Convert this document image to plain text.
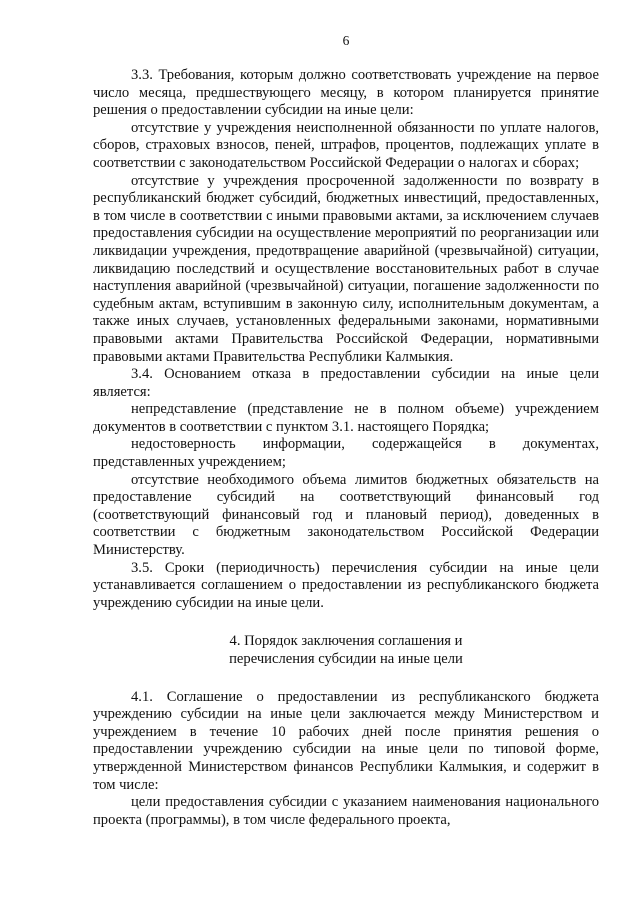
6

3.3. Требования, которым должно соответствовать учреждение на первое число месяца, предшествующего месяцу, в котором планируется принятие решения о предоставлении субсидии на иные цели:

отсутствие у учреждения неисполненной обязанности по уплате налогов, сборов, страховых взносов, пеней, штрафов, процентов, подлежащих уплате в соответствии с законодательством Российской Федерации о налогах и сборах;

отсутствие у учреждения просроченной задолженности по возврату в республиканский бюджет субсидий, бюджетных инвестиций, предоставленных, в том числе в соответствии с иными правовыми актами, за исключением случаев предоставления субсидии на осуществление мероприятий по реорганизации или ликвидации учреждения, предотвращение аварийной (чрезвычайной) ситуации, ликвидацию последствий и осуществление восстановительных работ в случае наступления аварийной (чрезвычайной) ситуации, погашение задолженности по судебным актам, вступившим в законную силу, исполнительным документам, а также иных случаев, установленных федеральными законами, нормативными правовыми актами Правительства Российской Федерации, нормативными правовыми актами Правительства Республики Калмыкия.

3.4. Основанием отказа в предоставлении субсидии на иные цели является:

непредставление (представление не в полном объеме) учреждением документов в соответствии с пунктом 3.1. настоящего Порядка;

недостоверность информации, содержащейся в документах, представленных учреждением;

отсутствие необходимого объема лимитов бюджетных обязательств на предоставление субсидий на соответствующий финансовый год (соответствующий финансовый год и плановый период), доведенных в соответствии с бюджетным законодательством Российской Федерации Министерству.

3.5. Сроки (периодичность) перечисления субсидии на иные цели устанавливается соглашением о предоставлении из республиканского бюджета учреждению субсидии на иные цели.

4. Порядок заключения соглашения и
перечисления субсидии на иные цели

4.1. Соглашение о предоставлении из республиканского бюджета учреждению субсидии на иные цели заключается между Министерством и учреждением в течение 10 рабочих дней после принятия решения о предоставлении учреждению субсидии на иные цели по типовой форме, утвержденной Министерством финансов Республики Калмыкия, и содержит в том числе:

цели предоставления субсидии с указанием наименования национального проекта (программы), в том числе федерального проекта,
